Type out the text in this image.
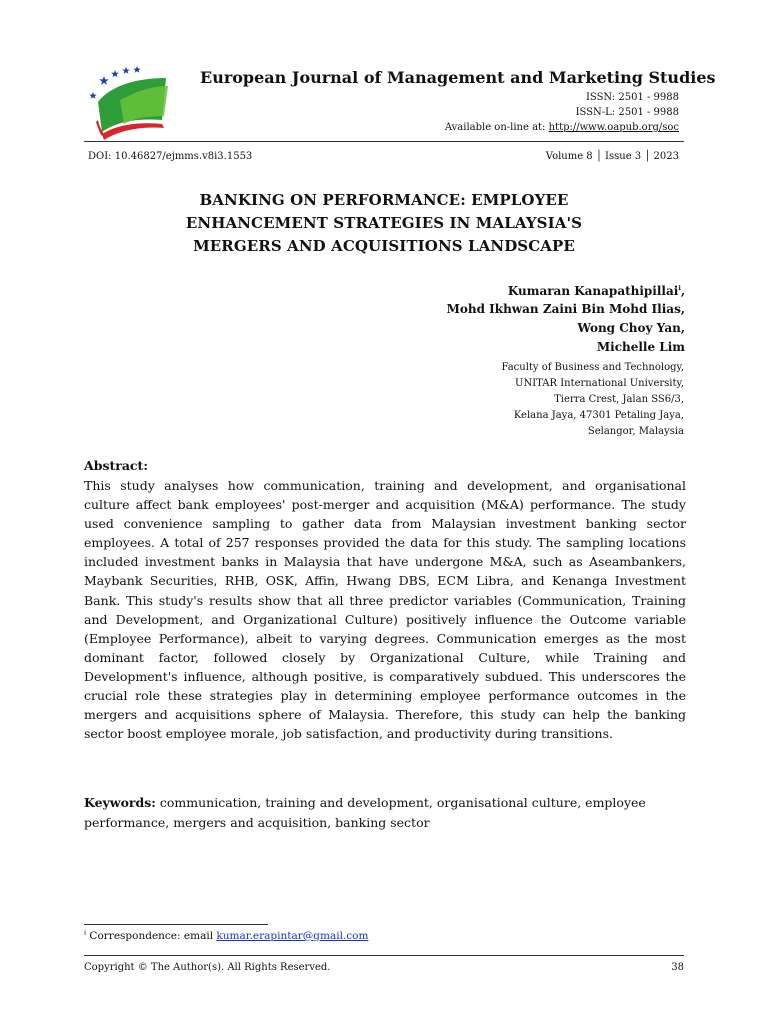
European Journal of Management and Marketing Studies
ISSN: 2501 - 9988
ISSN-L: 2501 - 9988
Available on-line at: http://www.oapub.org/soc
DOI: 10.46827/ejmms.v8i3.1553	Volume 8 │ Issue 3 │ 2023
BANKING ON PERFORMANCE: EMPLOYEE
ENHANCEMENT STRATEGIES IN MALAYSIA'S
MERGERS AND ACQUISITIONS LANDSCAPE
Kumaran Kanapathipillai$^i$,
Mohd Ikhwan Zaini Bin Mohd Ilias,
Wong Choy Yan,
Michelle Lim
Faculty of Business and Technology,
UNITAR International University,
Tierra Crest, Jalan SS6/3,
Kelana Jaya, 47301 Petaling Jaya,
Selangor, Malaysia
Abstract:
This study analyses how communication, training and development, and organisational culture affect bank employees' post-merger and acquisition (M&A) performance. The study used convenience sampling to gather data from Malaysian investment banking sector employees. A total of 257 responses provided the data for this study. The sampling locations included investment banks in Malaysia that have undergone M&A, such as Aseambankers, Maybank Securities, RHB, OSK, Affin, Hwang DBS, ECM Libra, and Kenanga Investment Bank. This study's results show that all three predictor variables (Communication, Training and Development, and Organizational Culture) positively influence the Outcome variable (Employee Performance), albeit to varying degrees. Communication emerges as the most dominant factor, followed closely by Organizational Culture, while Training and Development's influence, although positive, is comparatively subdued. This underscores the crucial role these strategies play in determining employee performance outcomes in the mergers and acquisitions sphere of Malaysia. Therefore, this study can help the banking sector boost employee morale, job satisfaction, and productivity during transitions.
Keywords: communication, training and development, organisational culture, employee performance, mergers and acquisition, banking sector
$^i$ Correspondence: email kumar.erapintar@gmail.com
Copyright © The Author(s). All Rights Reserved.	38
